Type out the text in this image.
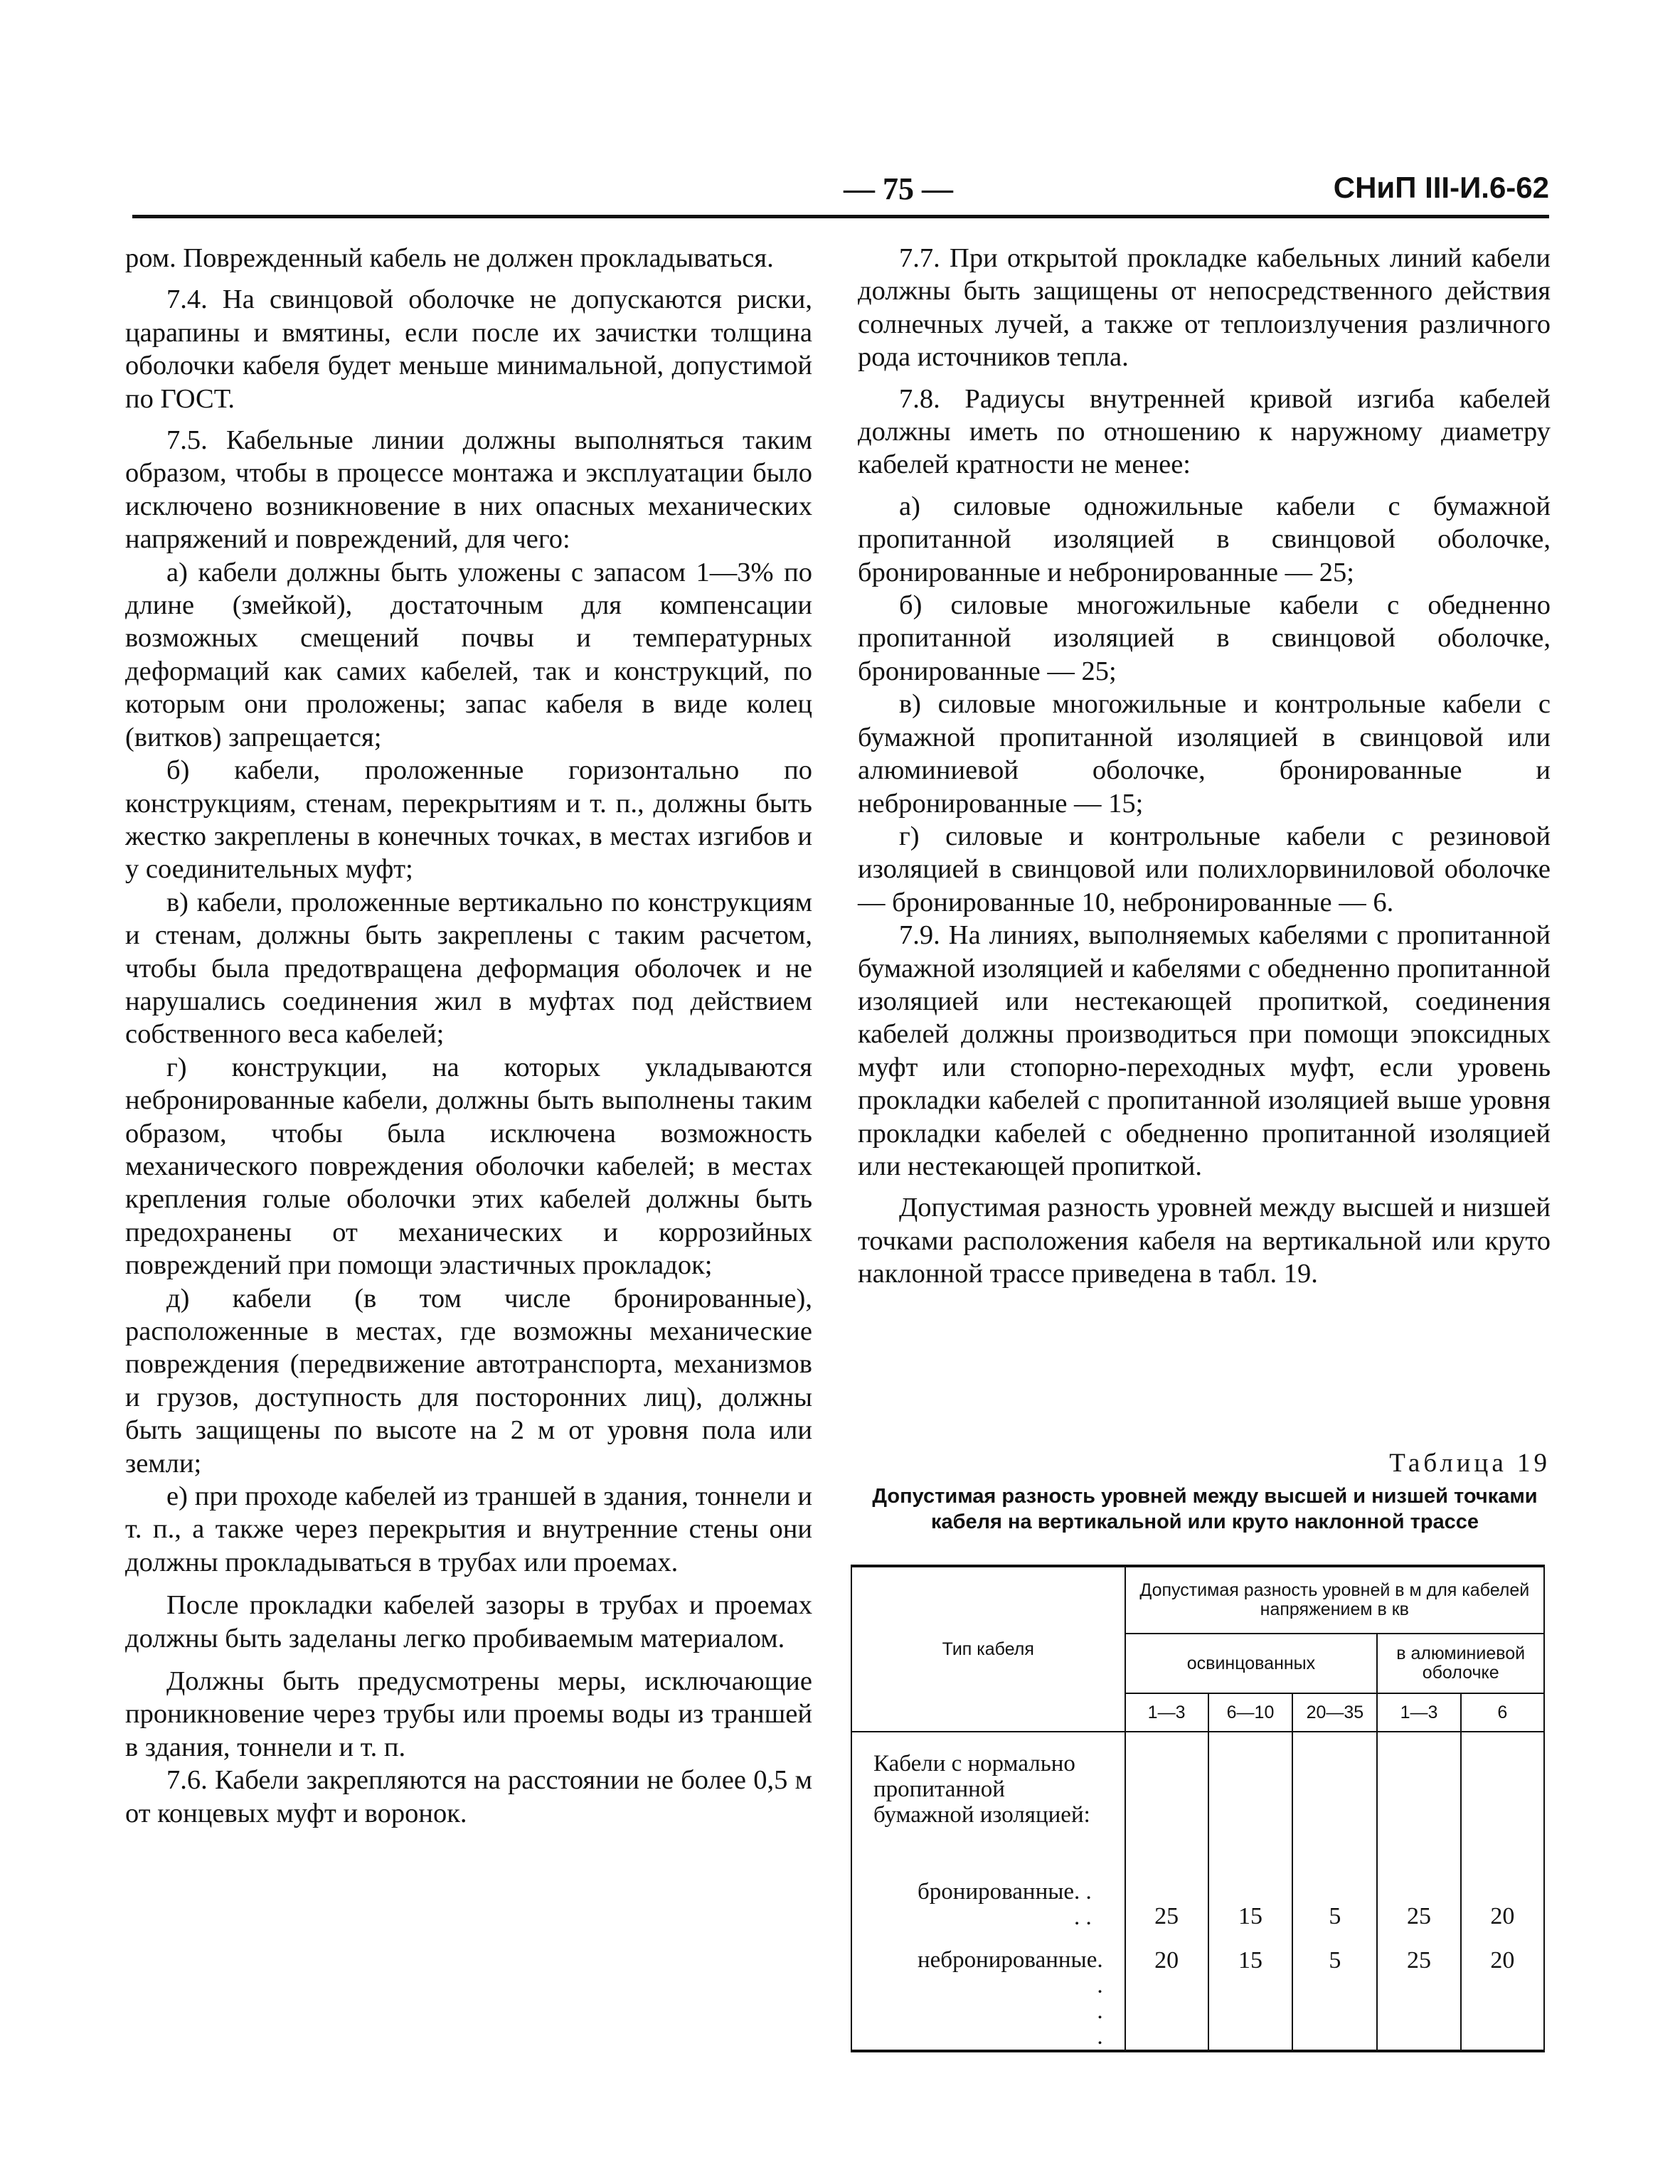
— 75 —	СНиП III-И.6-62

ром. Поврежденный кабель не должен прокладываться.

7.4. На свинцовой оболочке не допускаются риски, царапины и вмятины, если после их зачистки толщина оболочки кабеля будет меньше минимальной, допустимой по ГОСТ.

7.5. Кабельные линии должны выполняться таким образом, чтобы в процессе монтажа и эксплуатации было исключено возникновение в них опасных механических напряжений и повреждений, для чего:

а) кабели должны быть уложены с запасом 1—3% по длине (змейкой), достаточным для компенсации возможных смещений почвы и температурных деформаций как самих кабелей, так и конструкций, по которым они проложены; запас кабеля в виде колец (витков) запрещается;

б) кабели, проложенные горизонтально по конструкциям, стенам, перекрытиям и т. п., должны быть жестко закреплены в конечных точках, в местах изгибов и у соединительных муфт;

в) кабели, проложенные вертикально по конструкциям и стенам, должны быть закреплены с таким расчетом, чтобы была предотвращена деформация оболочек и не нарушались соединения жил в муфтах под действием собственного веса кабелей;

г) конструкции, на которых укладываются небронированные кабели, должны быть выполнены таким образом, чтобы была исключена возможность механического повреждения оболочки кабелей; в местах крепления голые оболочки этих кабелей должны быть предохранены от механических и коррозийных повреждений при помощи эластичных прокладок;

д) кабели (в том числе бронированные), расположенные в местах, где возможны механические повреждения (передвижение автотранспорта, механизмов и грузов, доступность для посторонних лиц), должны быть защищены по высоте на 2 м от уровня пола или земли;

е) при проходе кабелей из траншей в здания, тоннели и т. п., а также через перекрытия и внутренние стены они должны прокладываться в трубах или проемах.

После прокладки кабелей зазоры в трубах и проемах должны быть заделаны легко пробиваемым материалом.

Должны быть предусмотрены меры, исключающие проникновение через трубы или проемы воды из траншей в здания, тоннели и т. п.

7.6. Кабели закрепляются на расстоянии не более 0,5 м от концевых муфт и воронок.

7.7. При открытой прокладке кабельных линий кабели должны быть защищены от непосредственного действия солнечных лучей, а также от теплоизлучения различного рода источников тепла.

7.8. Радиусы внутренней кривой изгиба кабелей должны иметь по отношению к наружному диаметру кабелей кратности не менее:

а) силовые одножильные кабели с бумажной пропитанной изоляцией в свинцовой оболочке, бронированные и небронированные — 25;

б) силовые многожильные кабели с обедненно пропитанной изоляцией в свинцовой оболочке, бронированные — 25;

в) силовые многожильные и контрольные кабели с бумажной пропитанной изоляцией в свинцовой или алюминиевой оболочке, бронированные и небронированные — 15;

г) силовые и контрольные кабели с резиновой изоляцией в свинцовой или полихлорвиниловой оболочке — бронированные 10, небронированные — 6.

7.9. На линиях, выполняемых кабелями с пропитанной бумажной изоляцией и кабелями с обедненно пропитанной изоляцией или нестекающей пропиткой, соединения кабелей должны производиться при помощи эпоксидных муфт или стопорно-переходных муфт, если уровень прокладки кабелей с пропитанной изоляцией выше уровня прокладки кабелей с обедненно пропитанной изоляцией или нестекающей пропиткой.

Допустимая разность уровней между высшей и низшей точками расположения кабеля на вертикальной или круто наклонной трассе приведена в табл. 19.

Таблица 19
Допустимая разность уровней между высшей и низшей точками кабеля на вертикальной или круто наклонной трассе
Тип кабеля	Допустимая разность уровней в м для кабелей напряжением в кв				
	освинцованных			в алюминиевой оболочке	
	1—3	6—10	20—35	1—3	6

Кабели с нормально пропитанной бумажной изоляцией:					

бронированные . . . .	25	15	5	25	20

небронированные . . . .	20	15	5	25	20
